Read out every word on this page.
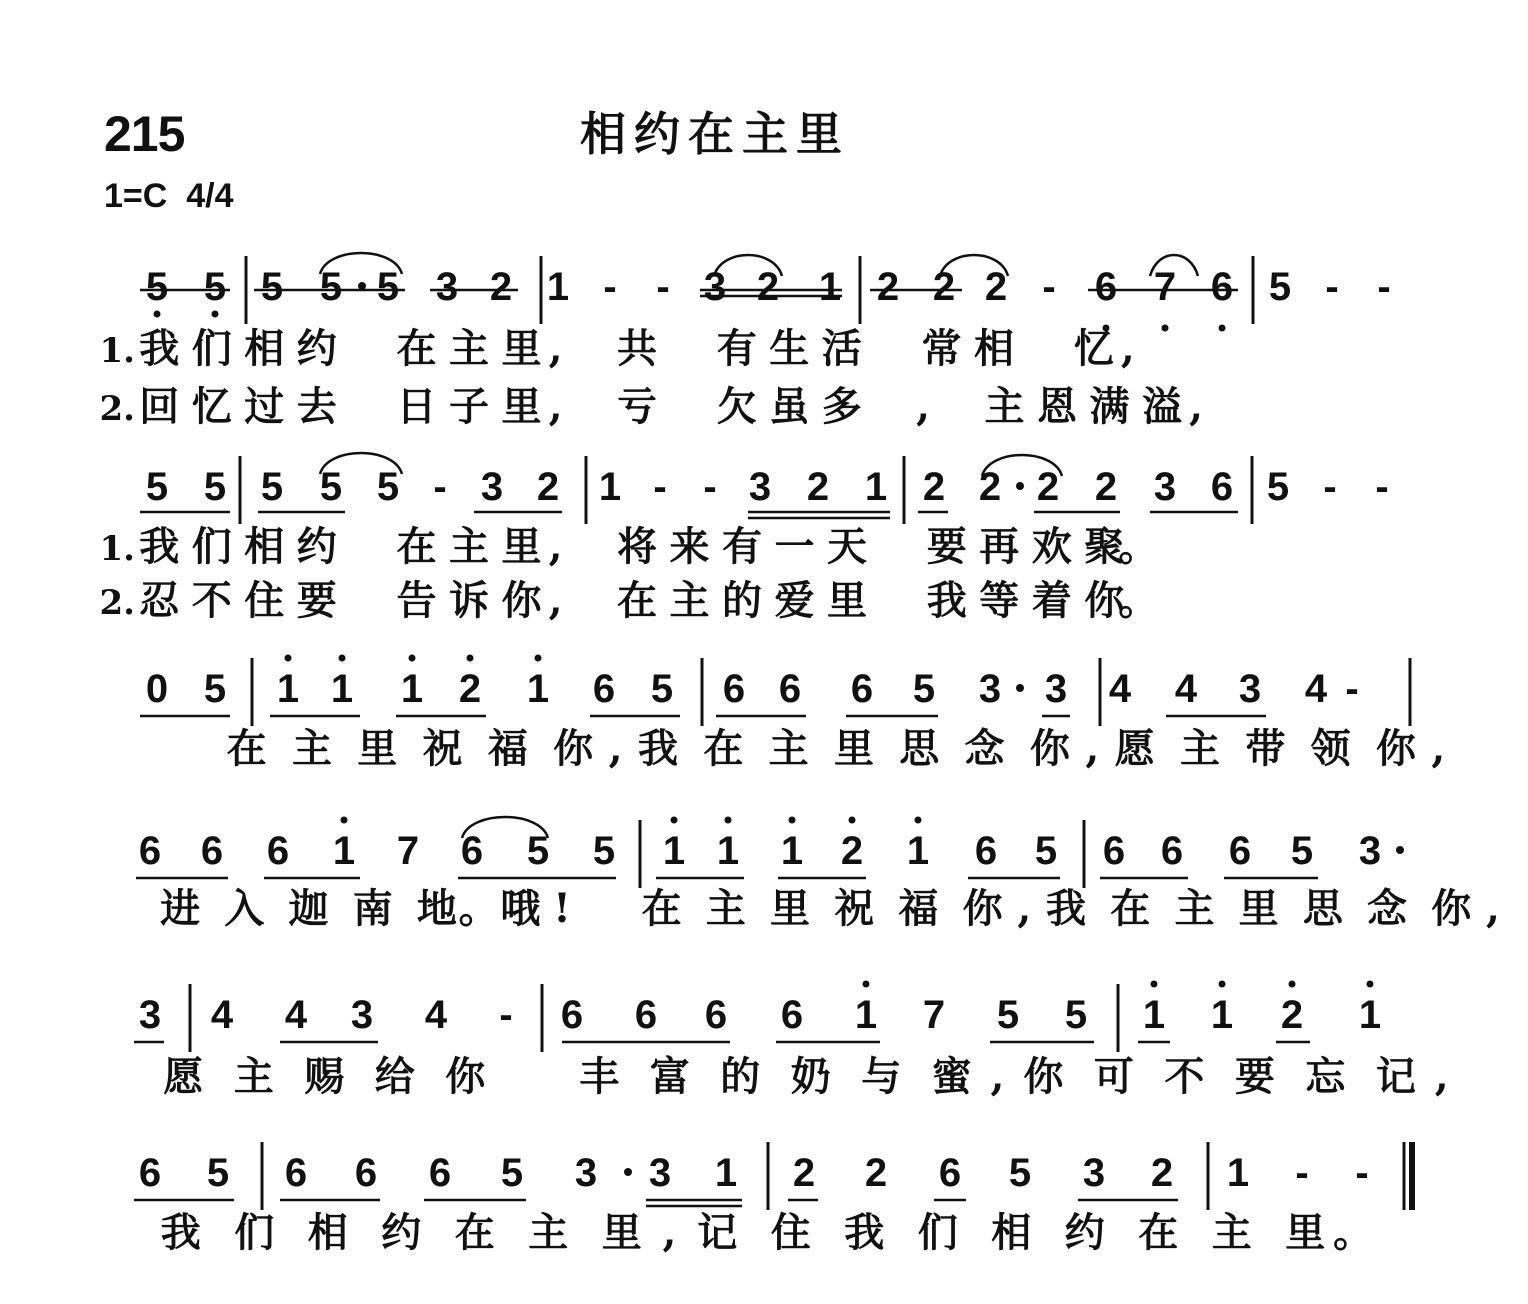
215	相约在主里
1=C  4/4
5 5 5 5 5 3 2 1 - - 3 2 1 2 2 2 - 6 7 6 5 - -
1. 我 们 相 约 在 主 里 , 共 有 生 活 常 相 忆 ,
2. 回 忆 过 去 日 子 里 , 亏 欠 虽 多 , 主 恩 满 溢 ,
5 5 5 5 5 - 3 2 1 - - 3 2 1 2 2 2 2 3 6 5 - -
1. 我 们 相 约 在 主 里 , 将 来 有 一 天 要 再 欢 聚
。
2. 忍 不 住 要 告 诉 你 , 在 主 的 爱 里 我 等 着 你
。
0 5 1 1 1 2 1 6 5 6 6 6 5 3 3 4 4 3 4 -
在 主 里 祝 福 你 , 我 在 主 里 思 念 你 , 愿 主 带 领 你 ,
6 6 6 1 7 6 5 5 1 1 1 2 1 6 5 6 6 6 5 3
进 入 迦 南 地 。 哦 ! 在 主 里 祝 福 你 , 我 在 主 里 思 念 你 ,
3 4 4 3 4 - 6 6 6 6 1 7 5 5 1 1 2 1
愿 主 赐 给 你 丰 富 的 奶 与 蜜 , 你 可 不 要 忘 记 ,
6 5 6 6 6 5 3 3 1 2 2 6 5 3 2 1 - -
我 们 相 约 在 主 里 , 记 住 我 们 相 约 在 主 里 。
